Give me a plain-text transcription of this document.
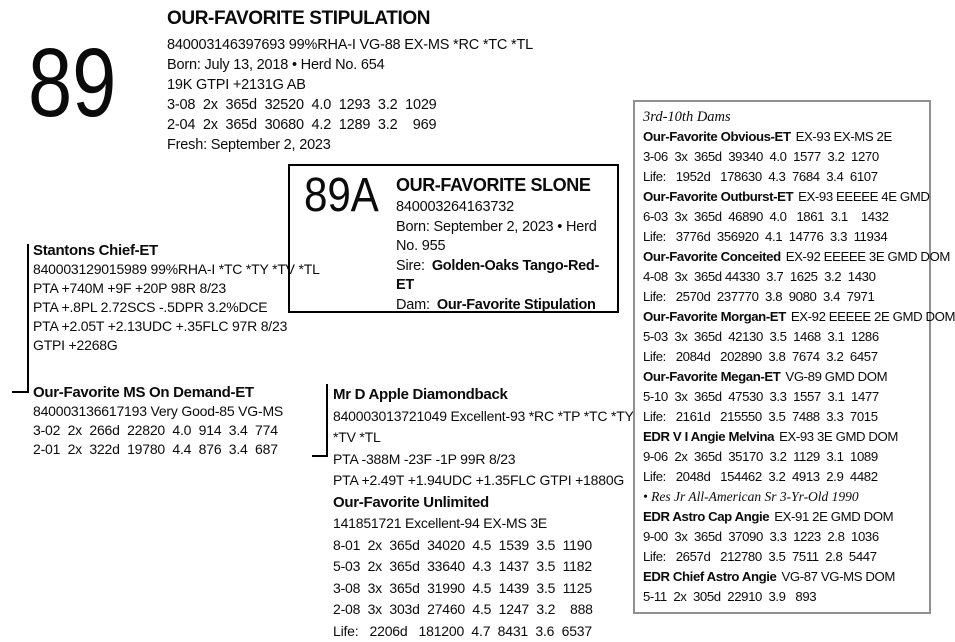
89
OUR-FAVORITE STIPULATION
840003146397693 99%RHA-I VG-88 EX-MS *RC *TC *TL
Born: July 13, 2018 • Herd No. 654
19K GTPI +2131G AB
3-08  2x  365d  32520  4.0  1293  3.2  1029
2-04  2x  365d  30680  4.2  1289  3.2    969
Fresh: September 2, 2023
89A OUR-FAVORITE SLONE
840003264163732
Born: September 2, 2023 • Herd No. 955
Sire: Golden-Oaks Tango-Red-ET
Dam: Our-Favorite Stipulation
Stantons Chief-ET
840003129015989 99%RHA-I *TC *TY *TV *TL
PTA +740M +9F +20P 98R 8/23
PTA +.8PL 2.72SCS -.5DPR 3.2%DCE
PTA +2.05T +2.13UDC +.35FLC 97R 8/23
GTPI +2268G
Our-Favorite MS On Demand-ET
840003136617193 Very Good-85 VG-MS
3-02  2x  266d  22820  4.0  914  3.4  774
2-01  2x  322d  19780  4.4  876  3.4  687
Mr D Apple Diamondback
840003013721049 Excellent-93 *RC *TP *TC *TY *TV *TL
PTA -388M -23F -1P 99R 8/23
PTA +2.49T +1.94UDC +1.35FLC GTPI +1880G
Our-Favorite Unlimited
141851721 Excellent-94 EX-MS 3E
8-01  2x  365d  34020  4.5  1539  3.5  1190
5-03  2x  365d  33640  4.3  1437  3.5  1182
3-08  3x  365d  31990  4.5  1439  3.5  1125
2-08  3x  303d  27460  4.5  1247  3.2    888
Life:   2206d   181200  4.7  8431  3.6  6537
3rd-10th Dams
Our-Favorite Obvious-ET EX-93 EX-MS 2E
3-06  3x  365d  39340  4.0  1577  3.2  1270
Life:   1952d   178630  4.3  7684  3.4  6107
Our-Favorite Outburst-ET EX-93 EEEEE 4E GMD
6-03  3x  365d  46890  4.0   1861  3.1    1432
Life:   3776d  356920  4.1  14776  3.3  11934
Our-Favorite Conceited EX-92 EEEEE 3E GMD DOM
4-08  3x  365d 44330  3.7  1625  3.2  1430
Life:   2570d  237770  3.8  9080  3.4  7971
Our-Favorite Morgan-ET EX-92 EEEEE 2E GMD DOM
5-03  3x  365d  42130  3.5  1468  3.1  1286
Life:   2084d   202890  3.8  7674  3.2  6457
Our-Favorite Megan-ET VG-89 GMD DOM
5-10  3x  365d  47530  3.3  1557  3.1  1477
Life:   2161d   215550  3.5  7488  3.3  7015
EDR V I Angie Melvina EX-93 3E GMD DOM
9-06  2x  365d  35170  3.2  1129  3.1  1089
Life:   2048d   154462  3.2  4913  2.9  4482
• Res Jr All-American Sr 3-Yr-Old 1990
EDR Astro Cap Angie EX-91 2E GMD DOM
9-00  3x  365d  37090  3.3  1223  2.8  1036
Life:   2657d   212780  3.5  7511  2.8  5447
EDR Chief Astro Angie VG-87 VG-MS DOM
5-11  2x  305d  22910  3.9   893
